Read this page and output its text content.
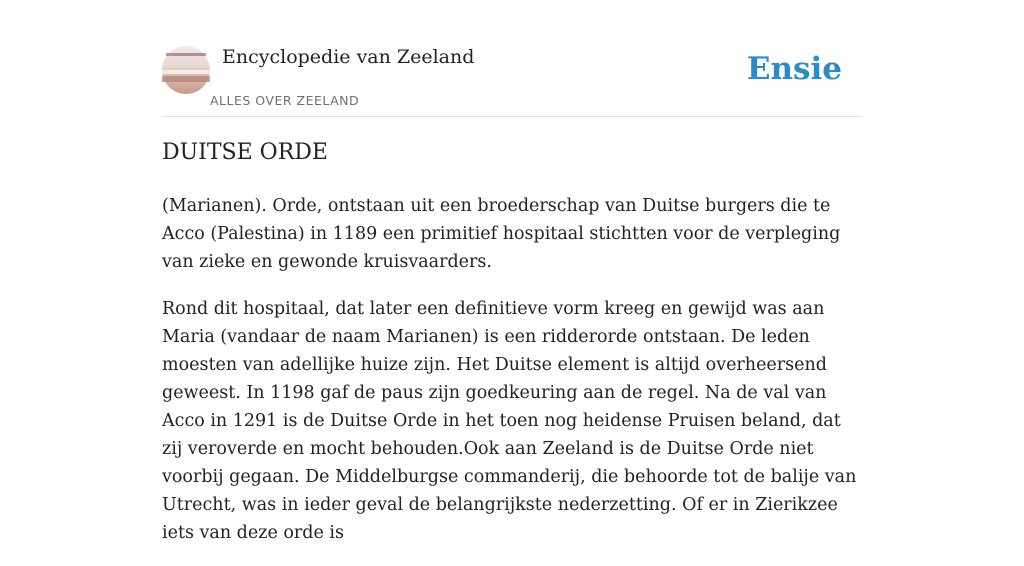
Encyclopedie van Zeeland
ALLES OVER ZEELAND
Ensie
DUITSE ORDE

(Marianen). Orde, ontstaan uit een broederschap van Duitse burgers die te Acco (Palestina) in 1189 een primitief hospitaal stichtten voor de verpleging van zieke en gewonde kruisvaarders.

Rond dit hospitaal, dat later een definitieve vorm kreeg en gewijd was aan Maria (vandaar de naam Marianen) is een ridderorde ontstaan. De leden moesten van adellijke huize zijn. Het Duitse element is altijd overheersend geweest. In 1198 gaf de paus zijn goedkeuring aan de regel. Na de val van Acco in 1291 is de Duitse Orde in het toen nog heidense Pruisen beland, dat zij veroverde en mocht behouden.Ook aan Zeeland is de Duitse Orde niet voorbij gegaan. De Middelburgse commanderij, die behoorde tot de balije van Utrecht, was in ieder geval de belangrijkste nederzetting. Of er in Zierikzee iets van deze orde is
